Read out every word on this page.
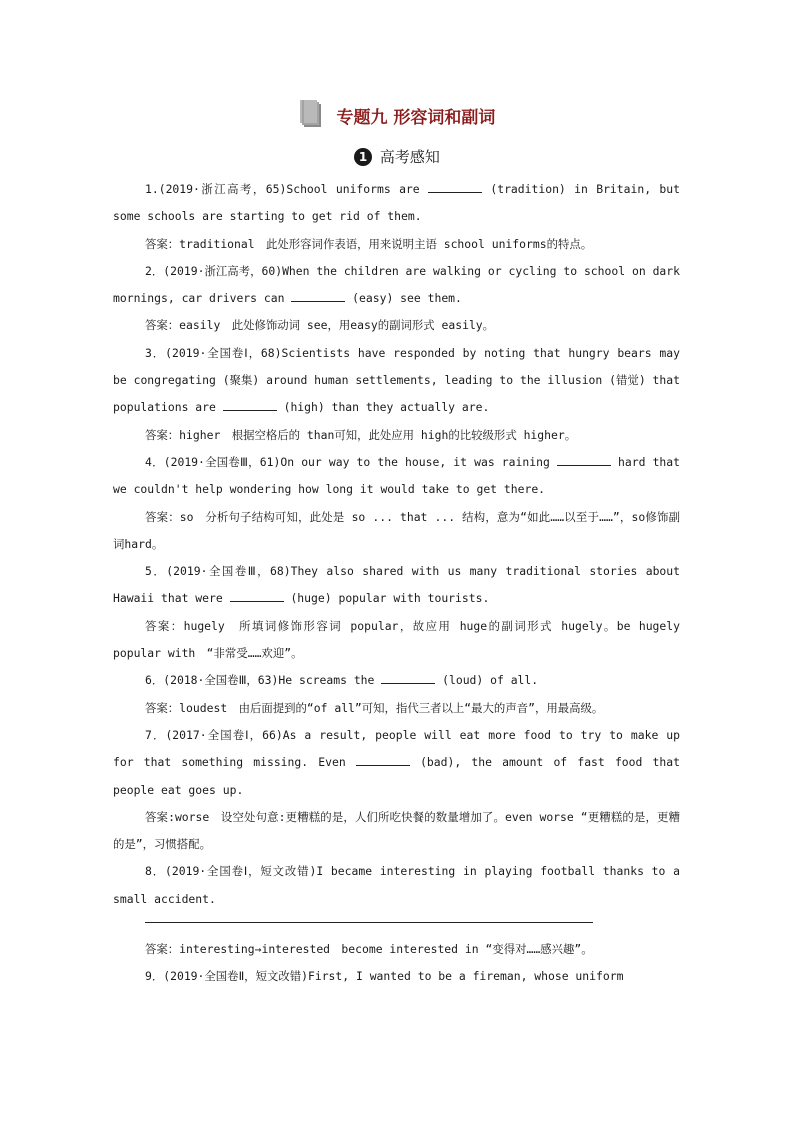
专题九 形容词和副词
1 高考感知

1.(2019·浙江高考，65)School uniforms are	(tradition) in Britain, but some schools are starting to get rid of them.

答案：traditional　此处形容词作表语，用来说明主语 school uniforms的特点。

2．(2019·浙江高考，60)When the children are walking or cycling to school on dark mornings, car drivers can	(easy) see them.

答案：easily　此处修饰动词 see，用easy的副词形式 easily。

3．(2019·全国卷Ⅰ，68)Scientists have responded by noting that hungry bears may be congregating (聚集) around human settlements, leading to the illusion (错觉) that populations are	(high) than they actually are.

答案：higher　根据空格后的 than可知，此处应用 high的比较级形式 higher。

4．(2019·全国卷Ⅲ，61)On our way to the house, it was raining	hard that we couldn't help wondering how long it would take to get there.

答案：so　分析句子结构可知，此处是 so ... that ... 结构，意为“如此……以至于……”，so修饰副词hard。

5．(2019·全国卷Ⅲ，68)They also shared with us many traditional stories about Hawaii that were	(huge) popular with tourists.

答案：hugely　所填词修饰形容词 popular，故应用 huge的副词形式 hugely。be hugely popular with　“非常受……欢迎”。

6．(2018·全国卷Ⅲ，63)He screams the	(loud) of all.

答案：loudest　由后面提到的“of all”可知，指代三者以上“最大的声音”，用最高级。

7．(2017·全国卷Ⅰ，66)As a result, people will eat more food to try to make up for that something missing. Even	(bad), the amount of fast food that people eat goes up.

答案:worse　设空处句意:更糟糕的是，人们所吃快餐的数量增加了。even worse “更糟糕的是，更糟的是”，习惯搭配。

8．(2019·全国卷Ⅰ，短文改错)I became interesting in playing football thanks to a small accident.

答案：interesting→interested　become interested in “变得对……感兴趣”。

9．(2019·全国卷Ⅱ，短文改错)First, I wanted to be a fireman, whose uniform
